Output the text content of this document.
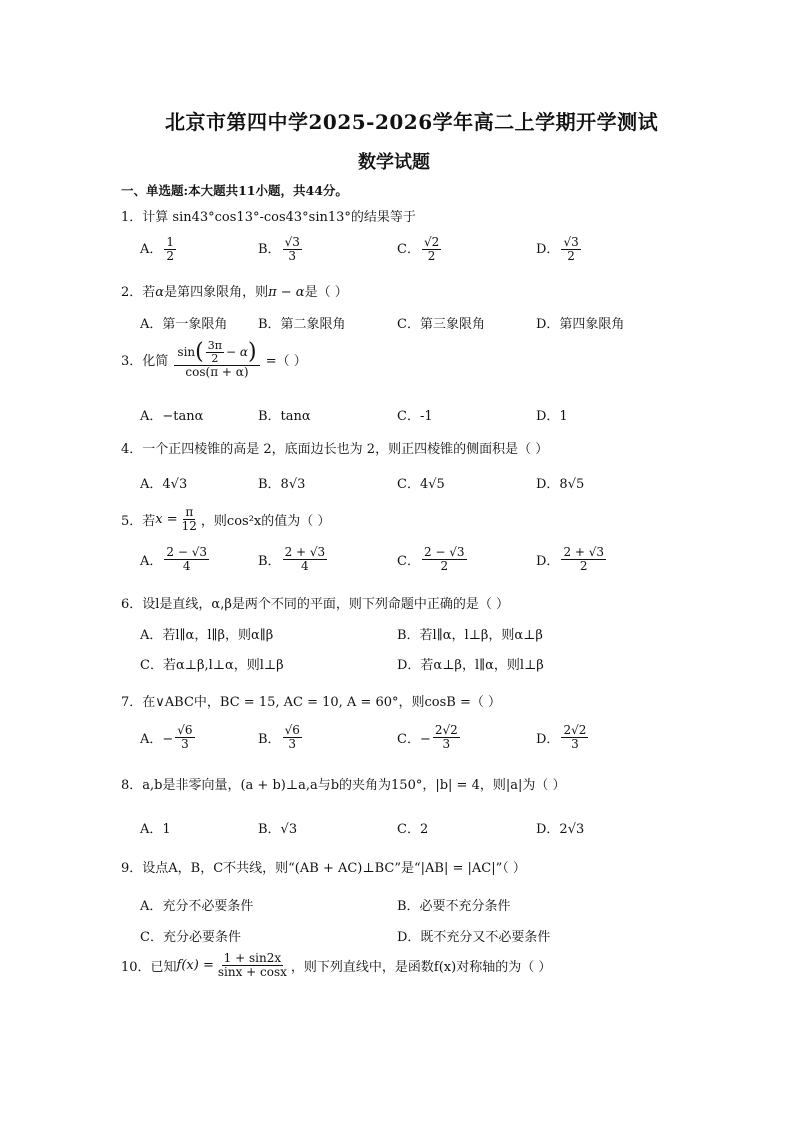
北京市第四中学2025-2026学年高二上学期开学测试
数学试题
一、单选题:本大题共11小题，共44分。
1．计算 sin43°cos13°-cos43°sin13°的结果等于
A． $\frac{1}{2}$	B． $\frac{√3}{3}$	C． $\frac{√2}{2}$	D． $\frac{√3}{2}$
2．若α是第四象限角，则π − α是（ ）
A．第一象限角 B．第二象限角	C．第三象限角	D．第四象限角
3．化简 $\frac{\sin( \frac{3\pi}{2} - \alpha)}{\cos(\pi + \alpha)}$ =（ ）
A．−tanα	B．tanα	C．-1	D．1
4．一个正四棱锥的高是 2，底面边长也为 2，则正四棱锥的侧面积是（ ）
A．4√3	B．8√3	C．4√5	D．8√5
5．若$x = \frac{\pi}{12}$ ，则cos²x的值为（ ）
A． $\frac{2 - √3}{4}$	B． $\frac{2 + √3}{4}$	C． $\frac{2 - √3}{2}$	D． $\frac{2 + √3}{2}$
6．设l是直线，α,β是两个不同的平面，则下列命题中正确的是（ ）
A．若l∥α，l∥β，则α∥β	B．若l∥α，l⊥β，则α⊥β
C．若α⊥β,l⊥α，则l⊥β	D．若α⊥β，l∥α，则l⊥β
7．在∨ABC中，BC = 15, AC = 10, A = 60°，则cosB =（ ）
A．− $\frac{√6}{3}$	B． $\frac{√6}{3}$	C．− $\frac{2√2}{3}$	D． $\frac{2√2}{3}$
8．a,b是非零向量，(a + b)⊥a,a与b的夹角为150°，|b| = 4，则|a|为（ ）
A．1	B．√3	C．2	D．2√3
9．设点A，B，C不共线，则“(AB + AC)⊥BC”是“|AB| = |AC|”（ ）
A．充分不必要条件	B．必要不充分条件
C．充分必要条件	D．既不充分又不必要条件
10．已知$f(x) = \frac{1 + \sin 2x}{\sin x + \cos x}$ ，则下列直线中，是函数f(x)对称轴的为（ ）
